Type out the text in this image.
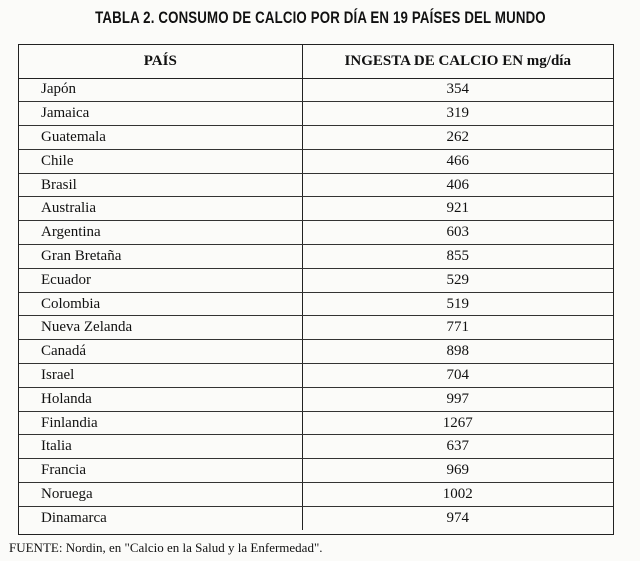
TABLA 2. CONSUMO DE CALCIO POR DÍA EN 19 PAÍSES DEL MUNDO
PAÍS	INGESTA DE CALCIO EN mg/día
Japón	354
Jamaica	319
Guatemala	262
Chile	466
Brasil	406
Australia	921
Argentina	603
Gran Bretaña	855
Ecuador	529
Colombia	519
Nueva Zelanda	771
Canadá	898
Israel	704
Holanda	997
Finlandia	1267
Italia	637
Francia	969
Noruega	1002
Dinamarca	974
FUENTE: Nordin, en "Calcio en la Salud y la Enfermedad".
